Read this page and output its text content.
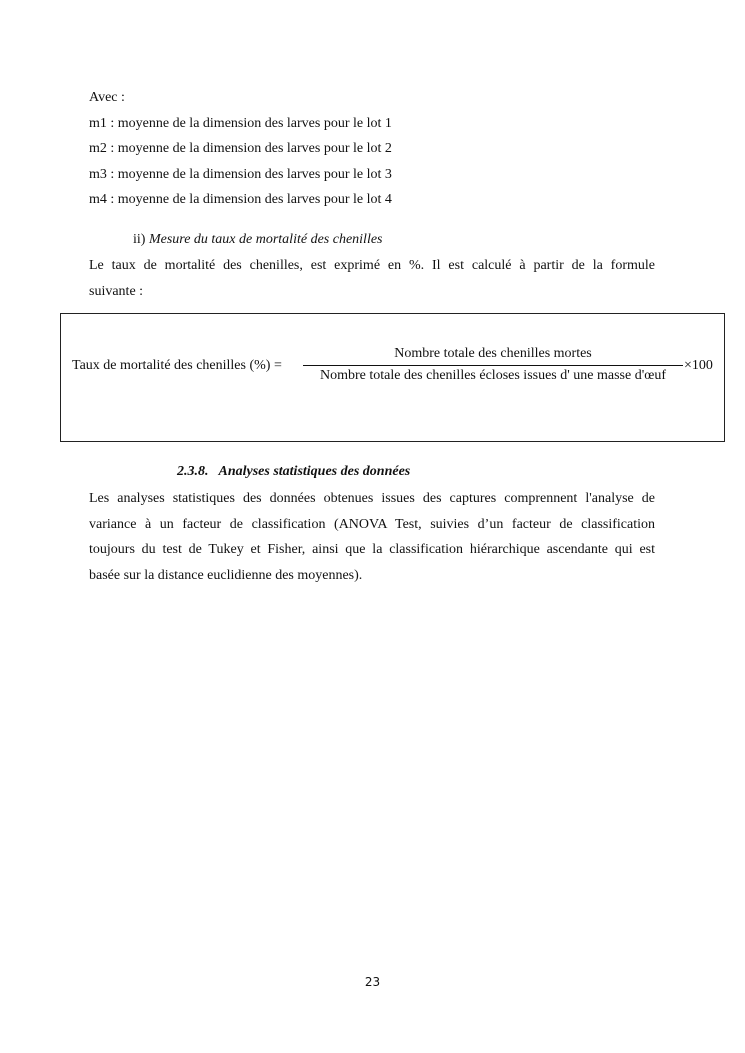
Avec :
m1 : moyenne de la dimension des larves pour le lot 1
m2 : moyenne de la dimension des larves pour le lot 2
m3 : moyenne de la dimension des larves pour le lot 3
m4 : moyenne de la dimension des larves pour le lot 4
ii) Mesure du taux de mortalité des chenilles
Le taux de mortalité des chenilles, est exprimé en %. Il est calculé à partir de la formule
suivante :
Taux de mortalité des chenilles (%) =
Nombre totale des chenilles mortes
Nombre totale des chenilles écloses issues d' une masse d'œuf
×100
2.3.8. Analyses statistiques des données
Les analyses statistiques des données obtenues issues des captures comprennent l'analyse de
variance à un facteur de classification (ANOVA Test, suivies d’un facteur de classification
toujours du test de Tukey et Fisher, ainsi que la classification hiérarchique ascendante qui est
basée sur la distance euclidienne des moyennes).
23
